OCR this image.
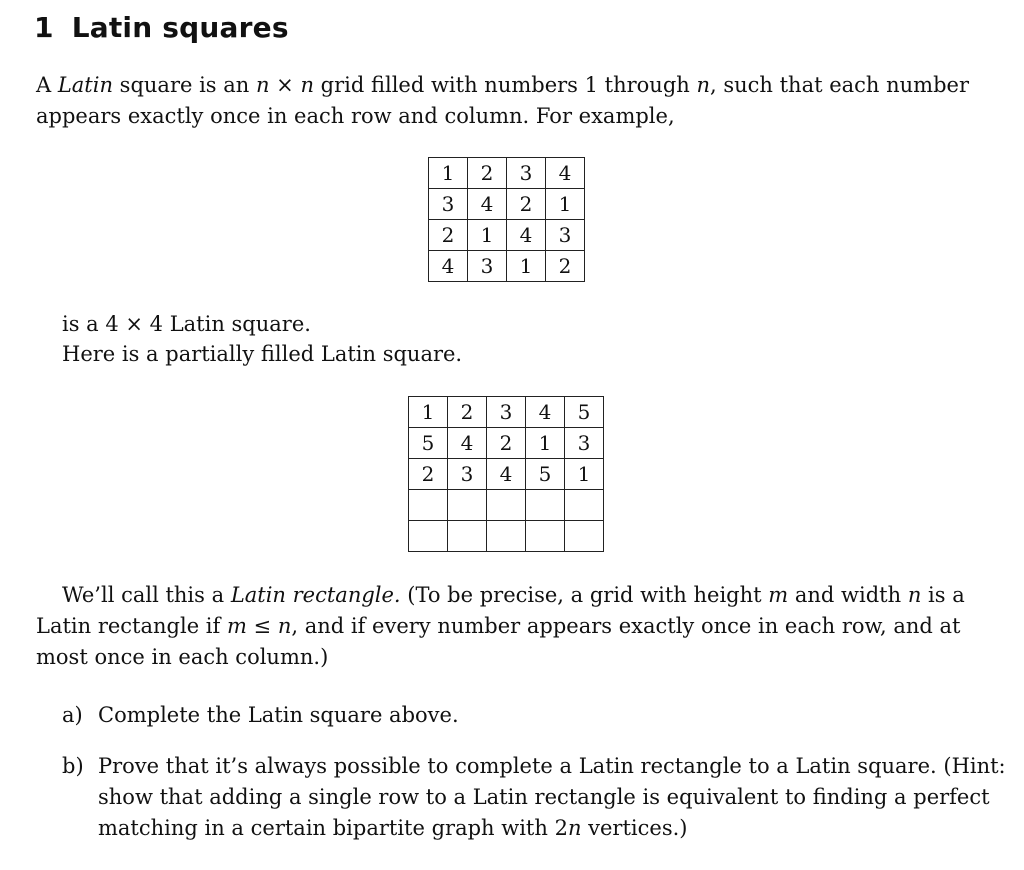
1 Latin squares

A Latin square is an n × n grid filled with numbers 1 through n, such that each number appears exactly once in each row and column. For example,

1	2	3	4
3	4	2	1
2	1	4	3
4	3	1	2

is a 4 × 4 Latin square.

Here is a partially filled Latin square.

1	2	3	4	5
5	4	2	1	3
2	3	4	5	1

We’ll call this a Latin rectangle. (To be precise, a grid with height m and width n is a Latin rectangle if m ≤ n, and if every number appears exactly once in each row, and at most once in each column.)

a) Complete the Latin square above.

b) Prove that it’s always possible to complete a Latin rectangle to a Latin square. (Hint: show that adding a single row to a Latin rectangle is equivalent to finding a perfect matching in a certain bipartite graph with 2n vertices.)
